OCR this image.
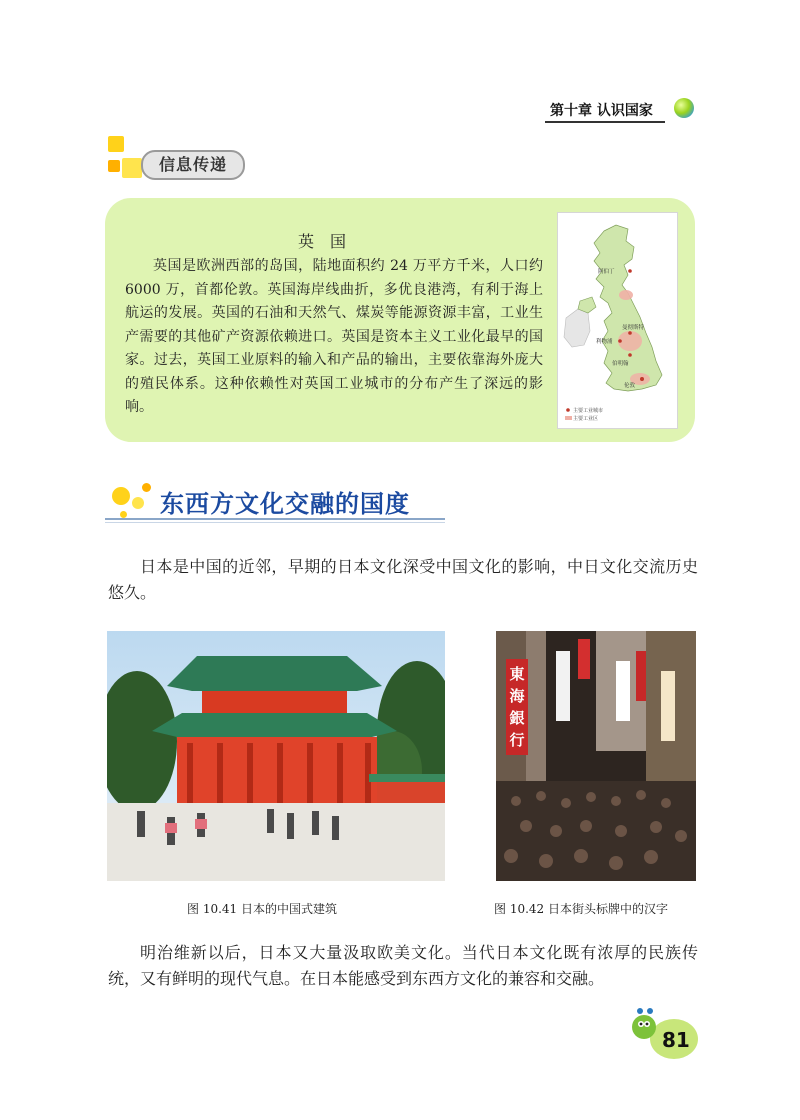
第十章 认识国家
信息传递
英国

英国是欧洲西部的岛国，陆地面积约 24 万平方千米，人口约 6000 万，首都伦敦。英国海岸线曲折，多优良港湾，有利于海上航运的发展。英国的石油和天然气、煤炭等能源资源丰富，工业生产需要的其他矿产资源依赖进口。英国是资本主义工业化最早的国家。过去，英国工业原料的输入和产品的输出，主要依靠海外庞大的殖民体系。这种依赖性对英国工业城市的分布产生了深远的影响。

阿伯丁
曼彻斯特
利物浦
伯明翰
伦敦
主要工业城市
主要工业区
东西方文化交融的国度

日本是中国的近邻，早期的日本文化深受中国文化的影响，中日文化交流历史悠久。

東
海
銀
行
图 10.41 日本的中国式建筑	图 10.42 日本街头标牌中的汉字

明治维新以后，日本又大量汲取欧美文化。当代日本文化既有浓厚的民族传统，又有鲜明的现代气息。在日本能感受到东西方文化的兼容和交融。

81
